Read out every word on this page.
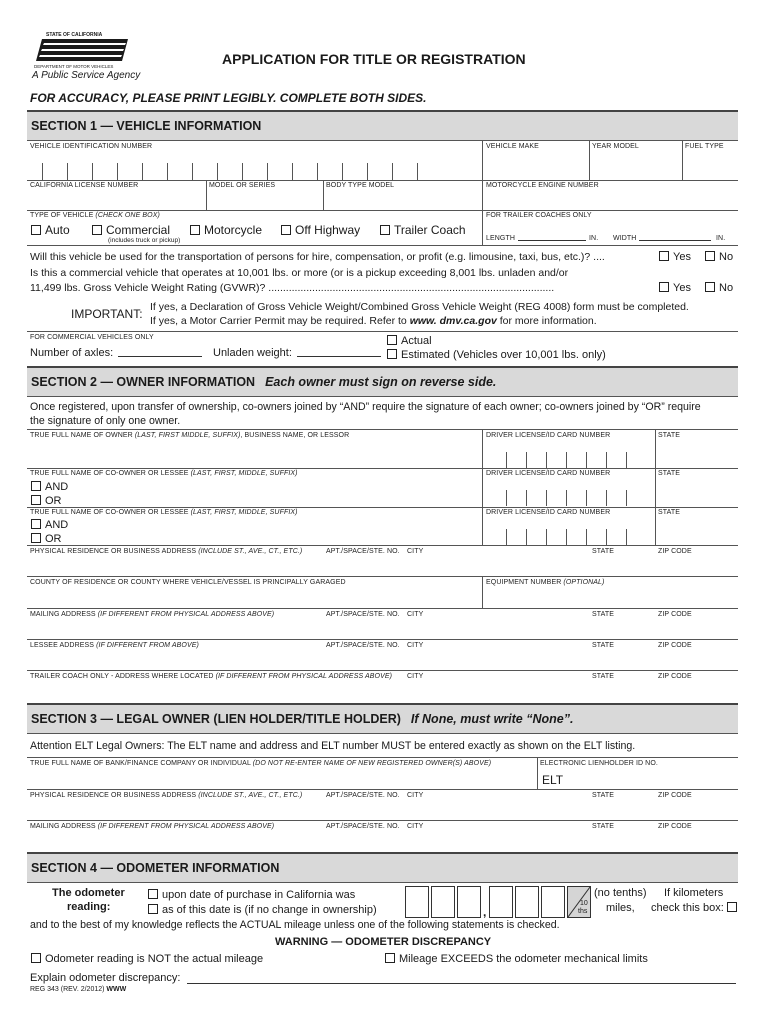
STATE OF CALIFORNIA
DEPARTMENT OF MOTOR VEHICLES
A Public Service Agency
APPLICATION FOR TITLE OR REGISTRATION
FOR ACCURACY, PLEASE PRINT LEGIBLY. COMPLETE BOTH SIDES.
SECTION 1 — VEHICLE INFORMATION
VEHICLE IDENTIFICATION NUMBER	VEHICLE MAKE	YEAR MODEL	FUEL TYPE
CALIFORNIA LICENSE NUMBER	MODEL OR SERIES	BODY TYPE MODEL	MOTORCYCLE ENGINE NUMBER
TYPE OF VEHICLE (CHECK ONE BOX)
Auto	Commercial
(includes truck or pickup)
Motorcycle	Off Highway	Trailer Coach
FOR TRAILER COACHES ONLY
LENGTH	IN. WIDTH	IN.
Will this vehicle be used for the transportation of persons for hire, compensation, or profit (e.g. limousine, taxi, bus, etc.)? ....	Yes	No
Is this a commercial vehicle that operates at 10,001 lbs. or more (or is a pickup exceeding 8,001 lbs. unladen and/or
11,499 lbs. Gross Vehicle Weight Rating (GVWR)? ..................................................................................................	Yes	No
IMPORTANT: If yes, a Declaration of Gross Vehicle Weight/Combined Gross Vehicle Weight (REG 4008) form must be completed.
If yes, a Motor Carrier Permit may be required. Refer to www. dmv.ca.gov for more information.
FOR COMMERCIAL VEHICLES ONLY
Number of axles:	Unladen weight:
Actual
Estimated (Vehicles over 10,001 lbs. only)
SECTION 2 — OWNER INFORMATION Each owner must sign on reverse side.
Once registered, upon transfer of ownership, co-owners joined by “AND” require the signature of each owner; co-owners joined by “OR” require
the signature of only one owner.
TRUE FULL NAME OF OWNER (LAST, FIRST MIDDLE, SUFFIX), BUSINESS NAME, OR LESSOR	DRIVER LICENSE/ID CARD NUMBER	STATE
TRUE FULL NAME OF CO-OWNER OR LESSEE (LAST, FIRST, MIDDLE, SUFFIX)	DRIVER LICENSE/ID CARD NUMBER	STATE
AND
OR
TRUE FULL NAME OF CO-OWNER OR LESSEE (LAST, FIRST, MIDDLE, SUFFIX)	DRIVER LICENSE/ID CARD NUMBER	STATE
AND
OR
PHYSICAL RESIDENCE OR BUSINESS ADDRESS (INCLUDE ST., AVE., CT., ETC.)	APT./SPACE/STE. NO. CITY	STATE	ZIP CODE
COUNTY OF RESIDENCE OR COUNTY WHERE VEHICLE/VESSEL IS PRINCIPALLY GARAGED	EQUIPMENT NUMBER (OPTIONAL)
MAILING ADDRESS (IF DIFFERENT FROM PHYSICAL ADDRESS ABOVE)	APT./SPACE/STE. NO. CITY	STATE	ZIP CODE
LESSEE ADDRESS (IF DIFFERENT FROM ABOVE)	APT./SPACE/STE. NO. CITY	STATE	ZIP CODE
TRAILER COACH ONLY - ADDRESS WHERE LOCATED (IF DIFFERENT FROM PHYSICAL ADDRESS ABOVE) CITY	STATE	ZIP CODE
SECTION 3 — LEGAL OWNER (LIEN HOLDER/TITLE HOLDER) If None, must write “None”.
Attention ELT Legal Owners: The ELT name and address and ELT number MUST be entered exactly as shown on the ELT listing.
TRUE FULL NAME OF BANK/FINANCE COMPANY OR INDIVIDUAL (DO NOT RE-ENTER NAME OF NEW REGISTERED OWNER(S) ABOVE)	ELECTRONIC LIENHOLDER ID NO.
ELT
PHYSICAL RESIDENCE OR BUSINESS ADDRESS (INCLUDE ST., AVE., CT., ETC.)	APT./SPACE/STE. NO. CITY	STATE	ZIP CODE
MAILING ADDRESS (IF DIFFERENT FROM PHYSICAL ADDRESS ABOVE)	APT./SPACE/STE. NO. CITY	STATE	ZIP CODE
SECTION 4 — ODOMETER INFORMATION
The odometer
reading:
upon date of purchase in California was
as of this date is (if no change in ownership)	,
10
ths
(no tenths)
miles,
If kilometers
check this box:
and to the best of my knowledge reflects the ACTUAL mileage unless one of the following statements is checked.
WARNING — ODOMETER DISCREPANCY
Odometer reading is NOT the actual mileage	Mileage EXCEEDS the odometer mechanical limits
Explain odometer discrepancy:
REG 343 (REV. 2/2012) WWW
